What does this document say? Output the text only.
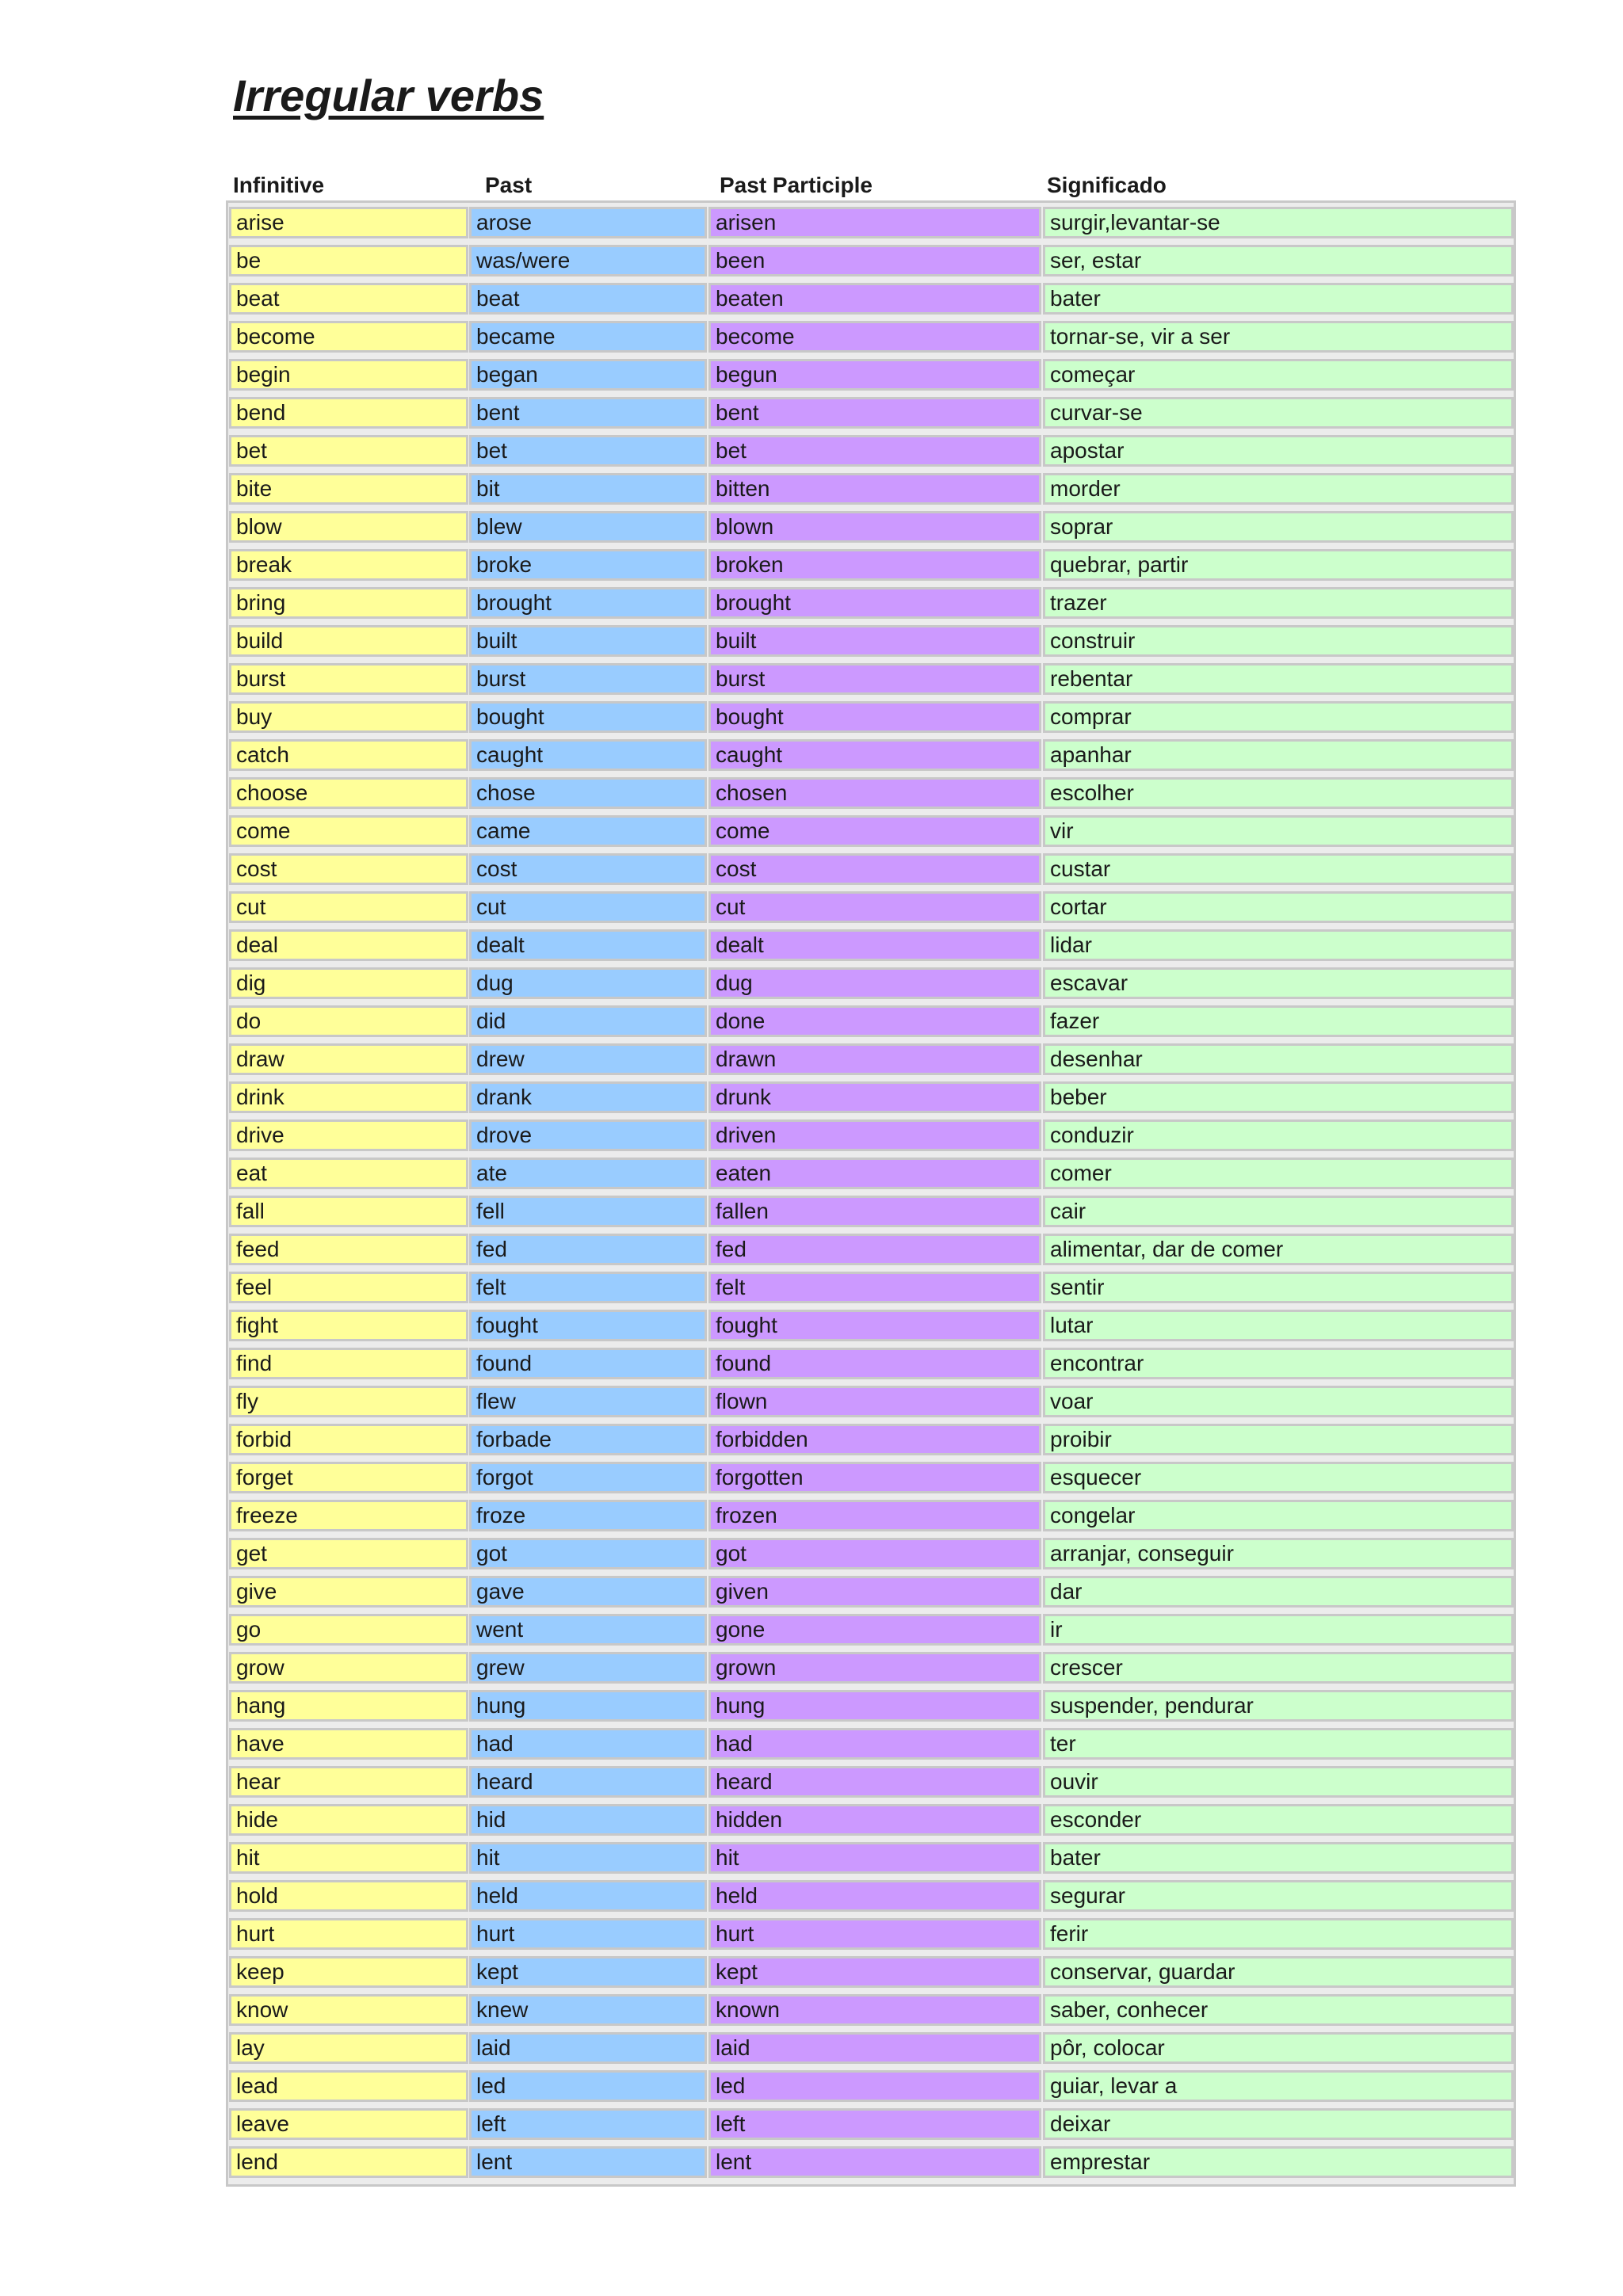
Irregular verbs
Infinitive	Past	Past Participle	Significado
arise	arose	arisen	surgir,levantar-se
be	was/were	been	ser, estar
beat	beat	beaten	bater
become	became	become	tornar-se, vir a ser
begin	began	begun	começar
bend	bent	bent	curvar-se
bet	bet	bet	apostar
bite	bit	bitten	morder
blow	blew	blown	soprar
break	broke	broken	quebrar, partir
bring	brought	brought	trazer
build	built	built	construir
burst	burst	burst	rebentar
buy	bought	bought	comprar
catch	caught	caught	apanhar
choose	chose	chosen	escolher
come	came	come	vir
cost	cost	cost	custar
cut	cut	cut	cortar
deal	dealt	dealt	lidar
dig	dug	dug	escavar
do	did	done	fazer
draw	drew	drawn	desenhar
drink	drank	drunk	beber
drive	drove	driven	conduzir
eat	ate	eaten	comer
fall	fell	fallen	cair
feed	fed	fed	alimentar, dar de comer
feel	felt	felt	sentir
fight	fought	fought	lutar
find	found	found	encontrar
fly	flew	flown	voar
forbid	forbade	forbidden	proibir
forget	forgot	forgotten	esquecer
freeze	froze	frozen	congelar
get	got	got	arranjar, conseguir
give	gave	given	dar
go	went	gone	ir
grow	grew	grown	crescer
hang	hung	hung	suspender, pendurar
have	had	had	ter
hear	heard	heard	ouvir
hide	hid	hidden	esconder
hit	hit	hit	bater
hold	held	held	segurar
hurt	hurt	hurt	ferir
keep	kept	kept	conservar, guardar
know	knew	known	saber, conhecer
lay	laid	laid	pôr, colocar
lead	led	led	guiar, levar a
leave	left	left	deixar
lend	lent	lent	emprestar
